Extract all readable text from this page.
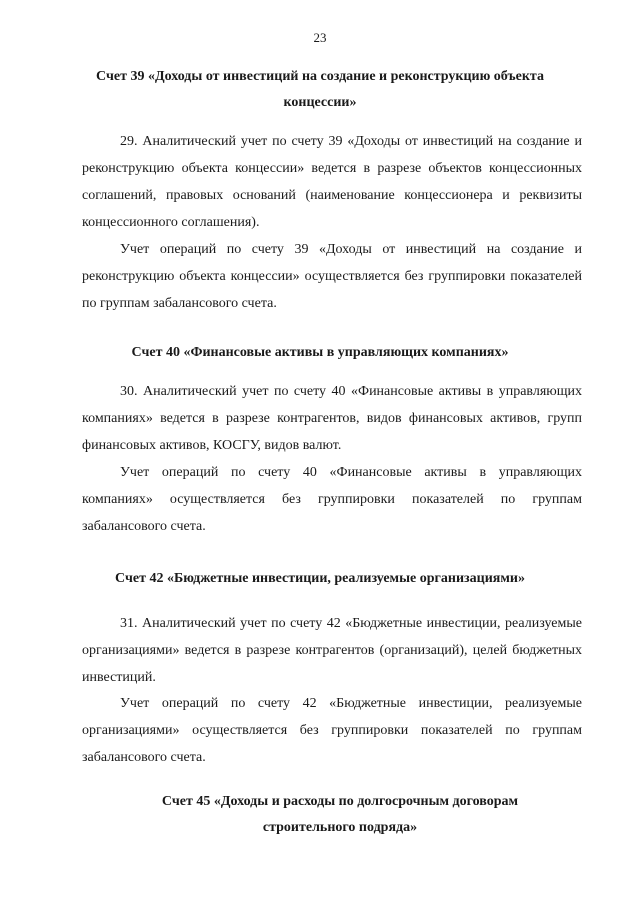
23
Счет 39 «Доходы от инвестиций на создание и реконструкцию объекта концессии»

29. Аналитический учет по счету 39 «Доходы от инвестиций на создание и реконструкцию объекта концессии» ведется в разрезе объектов концессионных соглашений, правовых оснований (наименование концессионера и реквизиты концессионного соглашения).

Учет операций по счету 39 «Доходы от инвестиций на создание и реконструкцию объекта концессии» осуществляется без группировки показателей по группам забалансового счета.

Счет 40 «Финансовые активы в управляющих компаниях»

30. Аналитический учет по счету 40 «Финансовые активы в управляющих компаниях» ведется в разрезе контрагентов, видов финансовых активов, групп финансовых активов, КОСГУ, видов валют.

Учет операций по счету 40 «Финансовые активы в управляющих компаниях» осуществляется без группировки показателей по группам забалансового счета.

Счет 42 «Бюджетные инвестиции, реализуемые организациями»

31. Аналитический учет по счету 42 «Бюджетные инвестиции, реализуемые организациями» ведется в разрезе контрагентов (организаций), целей бюджетных инвестиций.

Учет операций по счету 42 «Бюджетные инвестиции, реализуемые организациями» осуществляется без группировки показателей по группам забалансового счета.

Счет 45 «Доходы и расходы по долгосрочным договорам строительного подряда»
